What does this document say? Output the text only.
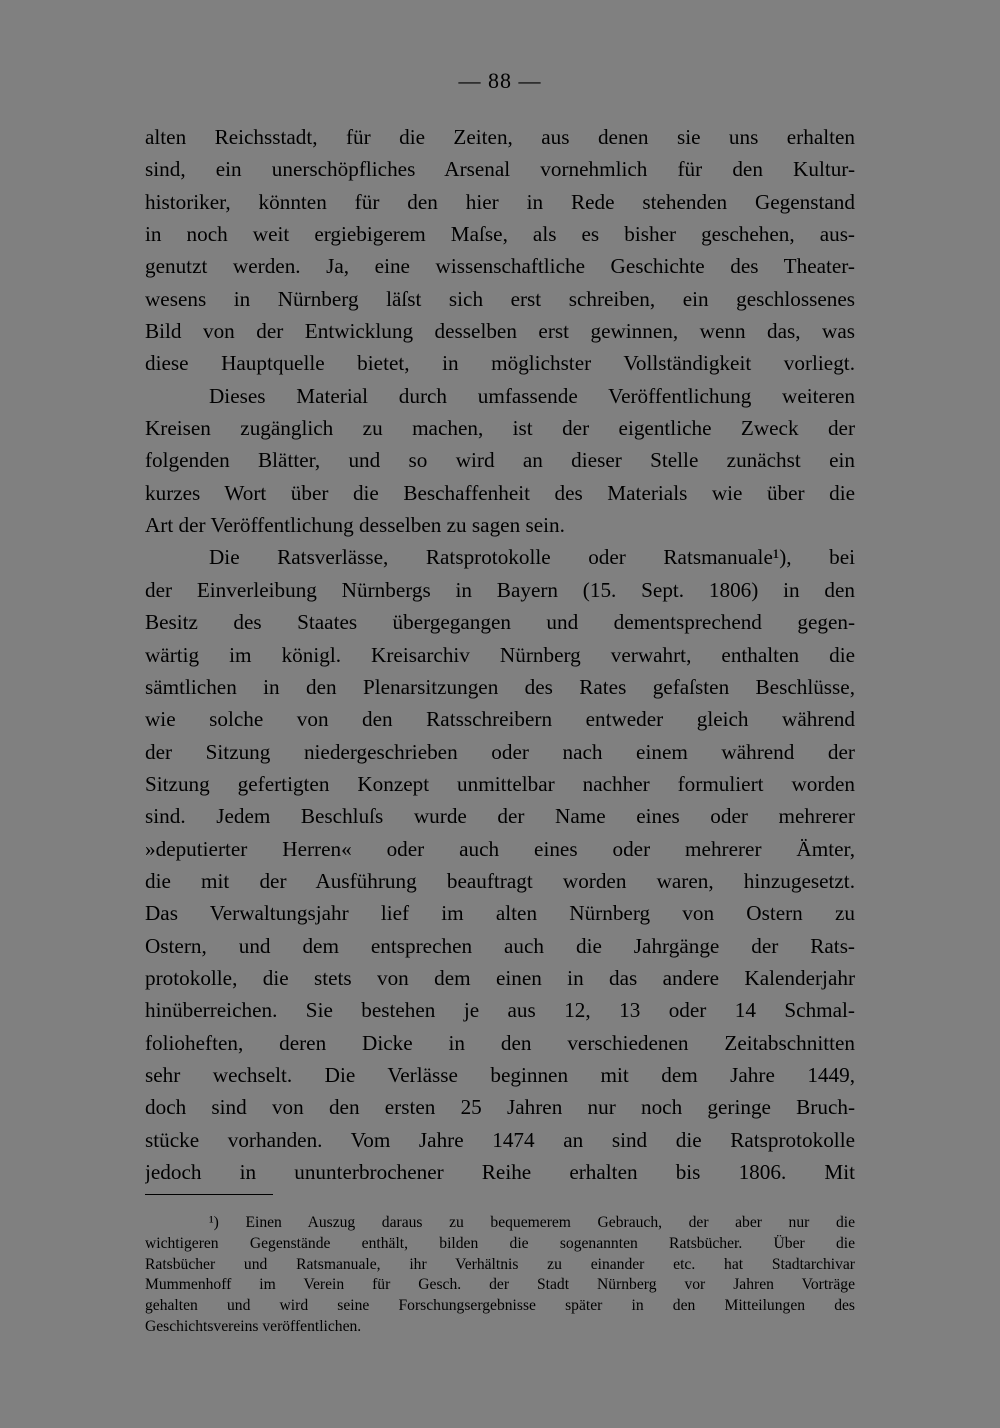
— 88 —
alten Reichsstadt, für die Zeiten, aus denen sie uns erhalten
sind, ein unerschöpfliches Arsenal vornehmlich für den Kultur-
historiker, könnten für den hier in Rede stehenden Gegenstand
in noch weit ergiebigerem Maſse, als es bisher geschehen, aus-
genutzt werden. Ja, eine wissenschaftliche Geschichte des Theater-
wesens in Nürnberg läſst sich erst schreiben, ein geschlossenes
Bild von der Entwicklung desselben erst gewinnen, wenn das, was
diese Hauptquelle bietet, in möglichster Vollständigkeit vorliegt.
Dieses Material durch umfassende Veröffentlichung weiteren
Kreisen zugänglich zu machen, ist der eigentliche Zweck der
folgenden Blätter, und so wird an dieser Stelle zunächst ein
kurzes Wort über die Beschaffenheit des Materials wie über die
Art der Veröffentlichung desselben zu sagen sein.
Die Ratsverlässe, Ratsprotokolle oder Ratsmanuale¹), bei
der Einverleibung Nürnbergs in Bayern (15. Sept. 1806) in den
Besitz des Staates übergegangen und dementsprechend gegen-
wärtig im königl. Kreisarchiv Nürnberg verwahrt, enthalten die
sämtlichen in den Plenarsitzungen des Rates gefaſsten Beschlüsse,
wie solche von den Ratsschreibern entweder gleich während
der Sitzung niedergeschrieben oder nach einem während der
Sitzung gefertigten Konzept unmittelbar nachher formuliert worden
sind. Jedem Beschluſs wurde der Name eines oder mehrerer
»deputierter Herren« oder auch eines oder mehrerer Ämter,
die mit der Ausführung beauftragt worden waren, hinzugesetzt.
Das Verwaltungsjahr lief im alten Nürnberg von Ostern zu
Ostern, und dem entsprechen auch die Jahrgänge der Rats-
protokolle, die stets von dem einen in das andere Kalenderjahr
hinüberreichen. Sie bestehen je aus 12, 13 oder 14 Schmal-
folioheften, deren Dicke in den verschiedenen Zeitabschnitten
sehr wechselt. Die Verlässe beginnen mit dem Jahre 1449,
doch sind von den ersten 25 Jahren nur noch geringe Bruch-
stücke vorhanden. Vom Jahre 1474 an sind die Ratsprotokolle
jedoch in ununterbrochener Reihe erhalten bis 1806. Mit
¹) Einen Auszug daraus zu bequemerem Gebrauch, der aber nur die
wichtigeren Gegenstände enthält, bilden die sogenannten Ratsbücher. Über die
Ratsbücher und Ratsmanuale, ihr Verhältnis zu einander etc. hat Stadtarchivar
Mummenhoff im Verein für Gesch. der Stadt Nürnberg vor Jahren Vorträge
gehalten und wird seine Forschungsergebnisse später in den Mitteilungen des
Geschichtsvereins veröffentlichen.
